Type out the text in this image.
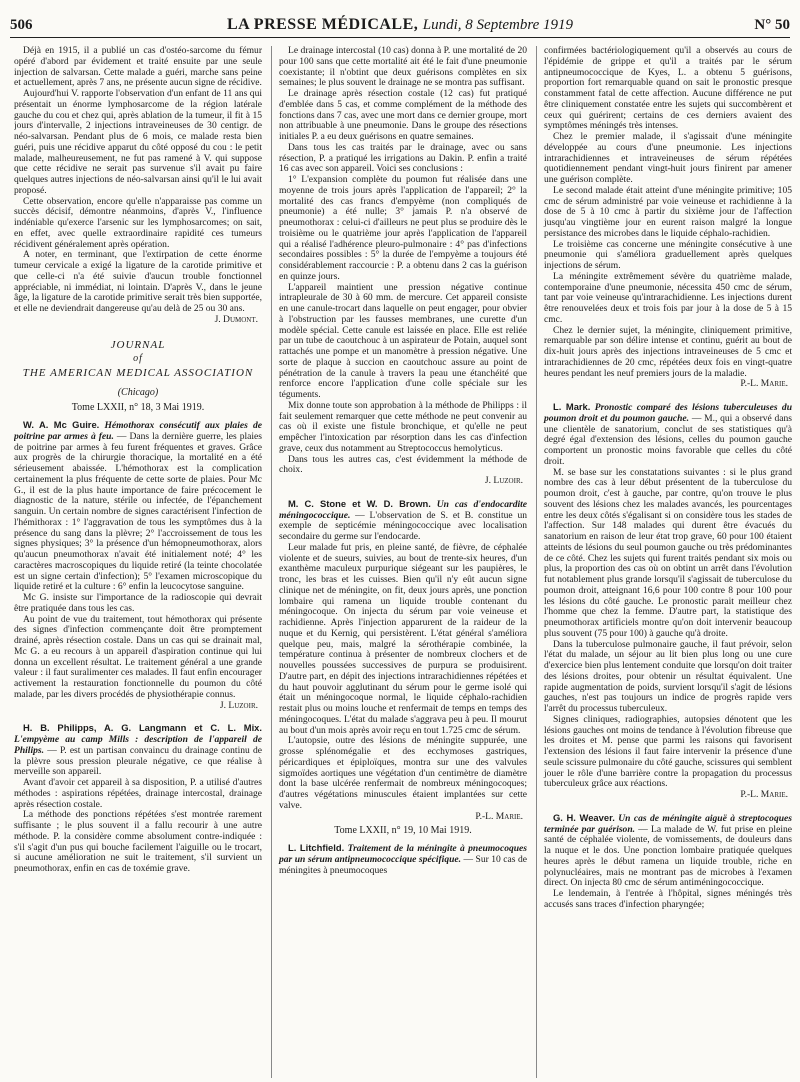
506	LA PRESSE MÉDICALE, Lundi, 8 Septembre 1919	N° 50

Déjà en 1915, il a publié un cas d'ostéo-sarcome du fémur opéré d'abord par évidement et traité ensuite par une seule injection de salvarsan. Cette malade a guéri, marche sans peine et actuellement, après 7 ans, ne présente aucun signe de récidive.

Aujourd'hui V. rapporte l'observation d'un enfant de 11 ans qui présentait un énorme lymphosarcome de la région latérale gauche du cou et chez qui, après ablation de la tumeur, il fit à 15 jours d'intervalle, 2 injections intraveineuses de 30 centigr. de néo-salvarsan. Pendant plus de 6 mois, ce malade resta bien guéri, puis une récidive apparut du côté opposé du cou : le petit malade, malheureusement, ne fut pas ramené à V. qui suppose que cette récidive ne serait pas survenue s'il avait pu faire quelques autres injections de néo-salvarsan ainsi qu'il le lui avait proposé.

Cette observation, encore qu'elle n'apparaisse pas comme un succès décisif, démontre néanmoins, d'après V., l'influence indéniable qu'exerce l'arsenic sur les lymphosarcomes; on sait, en effet, avec quelle extraordinaire rapidité ces tumeurs récidivent généralement après opération.

A noter, en terminant, que l'extirpation de cette énorme tumeur cervicale a exigé la ligature de la carotide primitive et que celle-ci n'a été suivie d'aucun trouble fonctionnel appréciable, ni immédiat, ni lointain. D'après V., dans le jeune âge, la ligature de la carotide primitive serait très bien supportée, et elle ne deviendrait dangereuse qu'au delà de 25 ou 30 ans.

J. Dumont.

JOURNAL
of
THE AMERICAN MEDICAL ASSOCIATION
(Chicago)
Tome LXXII, n° 18, 3 Mai 1919.

W. A. Mc Guire. Hémothorax consécutif aux plaies de poitrine par armes à feu. — Dans la dernière guerre, les plaies de poitrine par armes à feu furent fréquentes et graves. Grâce aux progrès de la chirurgie thoracique, la mortalité en a été sérieusement abaissée. L'hémothorax est la complication certainement la plus fréquente de cette sorte de plaies. Pour Mc G., il est de la plus haute importance de faire précocement le diagnostic de la nature, stérile ou infectée, de l'épanchement sanguin. Un certain nombre de signes caractérisent l'infection de l'hémithorax : 1° l'aggravation de tous les symptômes dus à la présence du sang dans la plèvre; 2° l'accroissement de tous les signes physiques; 3° la présence d'un hémopneumothorax, alors qu'aucun pneumothorax n'avait été initialement noté; 4° les caractères macroscopiques du liquide retiré (la teinte chocolatée est un signe certain d'infection); 5° l'examen microscopique du liquide retiré et la culture : 6° enfin la leucocytose sanguine.

Mc G. insiste sur l'importance de la radioscopie qui devrait être pratiquée dans tous les cas.

Au point de vue du traitement, tout hémothorax qui présente des signes d'infection commençante doit être promptement drainé, après résection costale. Dans un cas qui se drainait mal, Mc G. a eu recours à un appareil d'aspiration continue qui lui donna un excellent résultat. Le traitement général a une grande valeur : il faut suralimenter ces malades. Il faut enfin encourager activement la restauration fonctionnelle du poumon du côté malade, par les divers procédés de physiothérapie connus.

J. Luzoir.

H. B. Philipps, A. G. Langmann et C. L. Mix. L'empyème au camp Mills : description de l'appareil de Philips. — P. est un partisan convaincu du drainage continu de la plèvre sous pression pleurale négative, ce que réalise à merveille son appareil.

Avant d'avoir cet appareil à sa disposition, P. a utilisé d'autres méthodes : aspirations répétées, drainage intercostal, drainage après résection costale.

La méthode des ponctions répétées s'est montrée rarement suffisante ; le plus souvent il a fallu recourir à une autre méthode. P. la considère comme absolument contre-indiquée : s'il s'agit d'un pus qui bouche facilement l'aiguille ou le trocart, si aucune amélioration ne suit le traitement, s'il survient un pneumothorax, enfin en cas de toxémie grave.

Le drainage intercostal (10 cas) donna à P. une mortalité de 20 pour 100 sans que cette mortalité ait été le fait d'une pneumonie coexistante; il n'obtint que deux guérisons complètes en six semaines; le plus souvent le drainage ne se montra pas suffisant.

Le drainage après résection costale (12 cas) fut pratiqué d'emblée dans 5 cas, et comme complément de la méthode des fonctions dans 7 cas, avec une mort dans ce dernier groupe, mort non attribuable à une pneumonie. Dans le groupe des résections initiales P. a eu deux guérisons en quatre semaines.

Dans tous les cas traités par le drainage, avec ou sans résection, P. a pratiqué les irrigations au Dakin. P. enfin a traité 16 cas avec son appareil. Voici ses conclusions :

1° L'expansion complète du poumon fut réalisée dans une moyenne de trois jours après l'application de l'appareil; 2° la mortalité des cas francs d'empyème (non compliqués de pneumonie) a été nulle; 3° jamais P. n'a observé de pneumothorax : celui-ci d'ailleurs ne peut plus se produire dès le troisième ou le quatrième jour après l'application de l'appareil qui a réalisé l'adhérence pleuro-pulmonaire : 4° pas d'infections secondaires possibles : 5° la durée de l'empyème a toujours été considérablement raccourcie : P. a obtenu dans 2 cas la guérison en quinze jours.

L'appareil maintient une pression négative continue intrapleurale de 30 à 60 mm. de mercure. Cet appareil consiste en une canule-trocart dans laquelle on peut engager, pour obvier à l'obstruction par les fausses membranes, une curette d'un modèle spécial. Cette canule est laissée en place. Elle est reliée par un tube de caoutchouc à un aspirateur de Potain, auquel sont rattachés une pompe et un manomètre à pression négative. Une sorte de plaque à succion en caoutchouc assure au point de pénétration de la canule à travers la peau une étanchéité que renforce encore l'application d'une colle spéciale sur les téguments.

Mix donne toute son approbation à la méthode de Philipps : il fait seulement remarquer que cette méthode ne peut convenir au cas où il existe une fistule bronchique, et qu'elle ne peut empêcher l'intoxication par résorption dans les cas d'infection grave, ceux dus notamment au Streptococcus hemolyticus.

Dans tous les autres cas, c'est évidemment la méthode de choix.

J. Luzoir.

M. C. Stone et W. D. Brown. Un cas d'endocardite méningococcique. — L'observation de S. et B. constitue un exemple de septicémie méningococcique avec localisation secondaire du germe sur l'endocarde.

Leur malade fut pris, en pleine santé, de fièvre, de céphalée violente et de sueurs, suivies, au bout de trente-six heures, d'un exanthème maculeux purpurique siégeant sur les paupières, le tronc, les bras et les cuisses. Bien qu'il n'y eût aucun signe clinique net de méningite, on fit, deux jours après, une ponction lombaire qui ramena un liquide trouble contenant du méningocoque. On injecta du sérum par voie veineuse et rachidienne. Après l'injection apparurent de la raideur de la nuque et du Kernig, qui persistèrent. L'état général s'améliora quelque peu, mais, malgré la sérothérapie combinée, la température continua à présenter de nombreux clochers et de nouvelles poussées successives de purpura se produisirent. D'autre part, en dépit des injections intrarachidiennes répétées et du haut pouvoir agglutinant du sérum pour le germe isolé qui était un méningocoque normal, le liquide céphalo-rachidien restait plus ou moins louche et renfermait de temps en temps des méningocoques. L'état du malade s'aggrava peu à peu. Il mourut au bout d'un mois après avoir reçu en tout 1.725 cmc de sérum.

L'autopsie, outre des lésions de méningite suppurée, une grosse splénomégalie et des ecchymoses gastriques, péricardiques et épiploïques, montra sur une des valvules sigmoïdes aortiques une végétation d'un centimètre de diamètre dont la base ulcérée renfermait de nombreux méningocoques; d'autres végétations minuscules étaient implantées sur cette valve.

P.-L. Marie.

Tome LXXII, n° 19, 10 Mai 1919.

L. Litchfield. Traitement de la méningite à pneumocoques par un sérum antipneumococcique spécifique. — Sur 10 cas de méningites à pneumocoques

confirmées bactériologiquement qu'il a observés au cours de l'épidémie de grippe et qu'il a traités par le sérum antipneumococcique de Kyes, L. a obtenu 5 guérisons, proportion fort remarquable quand on sait le pronostic presque constamment fatal de cette affection. Aucune différence ne put être cliniquement constatée entre les sujets qui succombèrent et ceux qui guérirent; certains de ces derniers avaient des symptômes méningés très intenses.

Chez le premier malade, il s'agissait d'une méningite développée au cours d'une pneumonie. Les injections intrarachidiennes et intraveineuses de sérum répétées quotidiennement pendant vingt-huit jours finirent par amener une guérison complète.

Le second malade était atteint d'une méningite primitive; 105 cmc de sérum administré par voie veineuse et rachidienne à la dose de 5 à 10 cmc à partir du sixième jour de l'affection jusqu'au vingtième jour en eurent raison malgré la longue persistance des microbes dans le liquide céphalo-rachidien.

Le troisième cas concerne une méningite consécutive à une pneumonie qui s'améliora graduellement après quelques injections de sérum.

La méningite extrêmement sévère du quatrième malade, contemporaine d'une pneumonie, nécessita 450 cmc de sérum, tant par voie veineuse qu'intrarachidienne. Les injections durent être renouvelées deux et trois fois par jour à la dose de 5 à 15 cmc.

Chez le dernier sujet, la méningite, cliniquement primitive, remarquable par son délire intense et continu, guérit au bout de dix-huit jours après des injections intraveineuses de 5 cmc et intrarachidiennes de 20 cmc, répétées deux fois en vingt-quatre heures pendant les neuf premiers jours de la maladie.

P.-L. Marie.

L. Mark. Pronostic comparé des lésions tuberculeuses du poumon droit et du poumon gauche. — M., qui a observé dans une clientèle de sanatorium, conclut de ses statistiques qu'à degré égal d'extension des lésions, celles du poumon gauche comportent un pronostic moins favorable que celles du côté droit.

M. se base sur les constatations suivantes : si le plus grand nombre des cas à leur début présentent de la tuberculose du poumon droit, c'est à gauche, par contre, qu'on trouve le plus souvent des lésions chez les malades avancés, les pourcentages entre les deux côtés s'égalisant si on considère tous les stades de l'affection. Sur 148 malades qui durent être évacués du sanatorium en raison de leur état trop grave, 60 pour 100 étaient atteints de lésions du seul poumon gauche ou très prédominantes de ce côté. Chez les sujets qui furent traités pendant six mois ou plus, la proportion des cas où on obtint un arrêt dans l'évolution fut notablement plus grande lorsqu'il s'agissait de tuberculose du poumon droit, atteignant 16,6 pour 100 contre 8 pour 100 pour les lésions du côté gauche. Le pronostic parait meilleur chez l'homme que chez la femme. D'autre part, la statistique des pneumothorax artificiels montre qu'on doit intervenir beaucoup plus souvent (75 pour 100) à gauche qu'à droite.

Dans la tuberculose pulmonaire gauche, il faut prévoir, selon l'état du malade, un séjour au lit bien plus long ou une cure d'exercice bien plus lentement conduite que lorsqu'on doit traiter des lésions droites, pour obtenir un résultat équivalent. Une rapide augmentation de poids, survient lorsqu'il s'agit de lésions gauches, n'est pas toujours un indice de progrès rapide vers l'arrêt du processus tuberculeux.

Signes cliniques, radiographies, autopsies dénotent que les lésions gauches ont moins de tendance à l'évolution fibreuse que les droites et M. pense que parmi les raisons qui favorisent l'extension des lésions il faut faire intervenir la présence d'une seule scissure pulmonaire du côté gauche, scissures qui semblent jouer le rôle d'une barrière contre la propagation du processus tuberculeux grâce aux réactions.

P.-L. Marie.

G. H. Weaver. Un cas de méningite aiguë à streptocoques terminée par guérison. — La malade de W. fut prise en pleine santé de céphalée violente, de vomissements, de douleurs dans la nuque et le dos. Une ponction lombaire pratiquée quelques heures après le début ramena un liquide trouble, riche en polynucléaires, mais ne montrant pas de microbes à l'examen direct. On injecta 80 cmc de sérum antiméningococcique.

Le lendemain, à l'entrée à l'hôpital, signes méningés très accusés sans traces d'infection pharyngée;
